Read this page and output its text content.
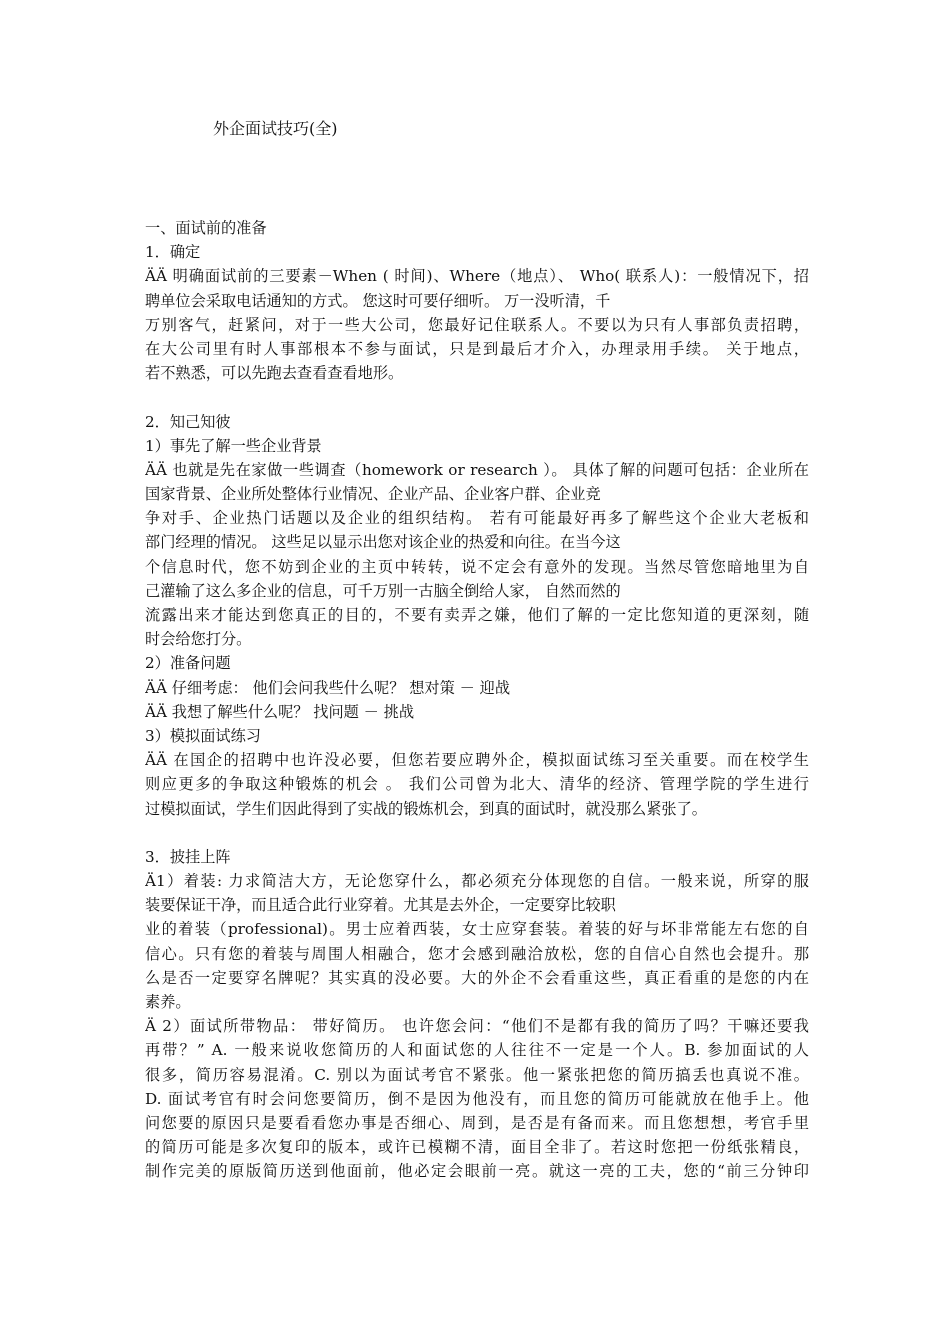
外企面试技巧(全)
一、面试前的准备
1．确定
ÄÄ 明确面试前的三要素－When ( 时间)、Where（地点）、 Who( 联系人)：一般情况下，招
聘单位会采取电话通知的方式。 您这时可要仔细听。 万一没听清，千
万别客气，赶紧问，对于一些大公司，您最好记住联系人。不要以为只有人事部负责招聘，
在大公司里有时人事部根本不参与面试，只是到最后才介入，办理录用手续。 关于地点，
若不熟悉，可以先跑去查看查看地形。
2．知己知彼
1）事先了解一些企业背景
ÄÄ 也就是先在家做一些调查（homework or research ）。 具体了解的问题可包括：企业所在
国家背景、企业所处整体行业情况、企业产品、企业客户群、企业竞
争对手、企业热门话题以及企业的组织结构。 若有可能最好再多了解些这个企业大老板和
部门经理的情况。 这些足以显示出您对该企业的热爱和向往。在当今这
个信息时代，您不妨到企业的主页中转转，说不定会有意外的发现。当然尽管您暗地里为自
己灌输了这么多企业的信息，可千万别一古脑全倒给人家， 自然而然的
流露出来才能达到您真正的目的，不要有卖弄之嫌，他们了解的一定比您知道的更深刻，随
时会给您打分。
2）准备问题
ÄÄ 仔细考虑： 他们会问我些什么呢？ 想对策 － 迎战
ÄÄ 我想了解些什么呢？ 找问题 － 挑战
3）模拟面试练习
ÄÄ 在国企的招聘中也许没必要，但您若要应聘外企，模拟面试练习至关重要。而在校学生
则应更多的争取这种锻炼的机会 。 我们公司曾为北大、清华的经济、管理学院的学生进行
过模拟面试，学生们因此得到了实战的锻炼机会，到真的面试时，就没那么紧张了。
3．披挂上阵
Ä1）着装: 力求简洁大方，无论您穿什么，都必须充分体现您的自信。一般来说，所穿的服
装要保证干净，而且适合此行业穿着。尤其是去外企，一定要穿比较职
业的着装（professional)。男士应着西装，女士应穿套装。着装的好与坏非常能左右您的自
信心。只有您的着装与周围人相融合，您才会感到融洽放松，您的自信心自然也会提升。那
么是否一定要穿名牌呢？其实真的没必要。大的外企不会看重这些，真正看重的是您的内在
素养。
Ä 2）面试所带物品： 带好简历。 也许您会问：“他们不是都有我的简历了吗？干嘛还要我
再带？” A. 一般来说收您简历的人和面试您的人往往不一定是一个人。B. 参加面试的人
很多，简历容易混淆。C. 别以为面试考官不紧张。他一紧张把您的简历搞丢也真说不准。
D. 面试考官有时会问您要简历，倒不是因为他没有，而且您的简历可能就放在他手上。他
问您要的原因只是要看看您办事是否细心、周到，是否是有备而来。而且您想想，考官手里
的简历可能是多次复印的版本，或许已模糊不清，面目全非了。若这时您把一份纸张精良，
制作完美的原版简历送到他面前，他必定会眼前一亮。就这一亮的工夫，您的“前三分钟印
